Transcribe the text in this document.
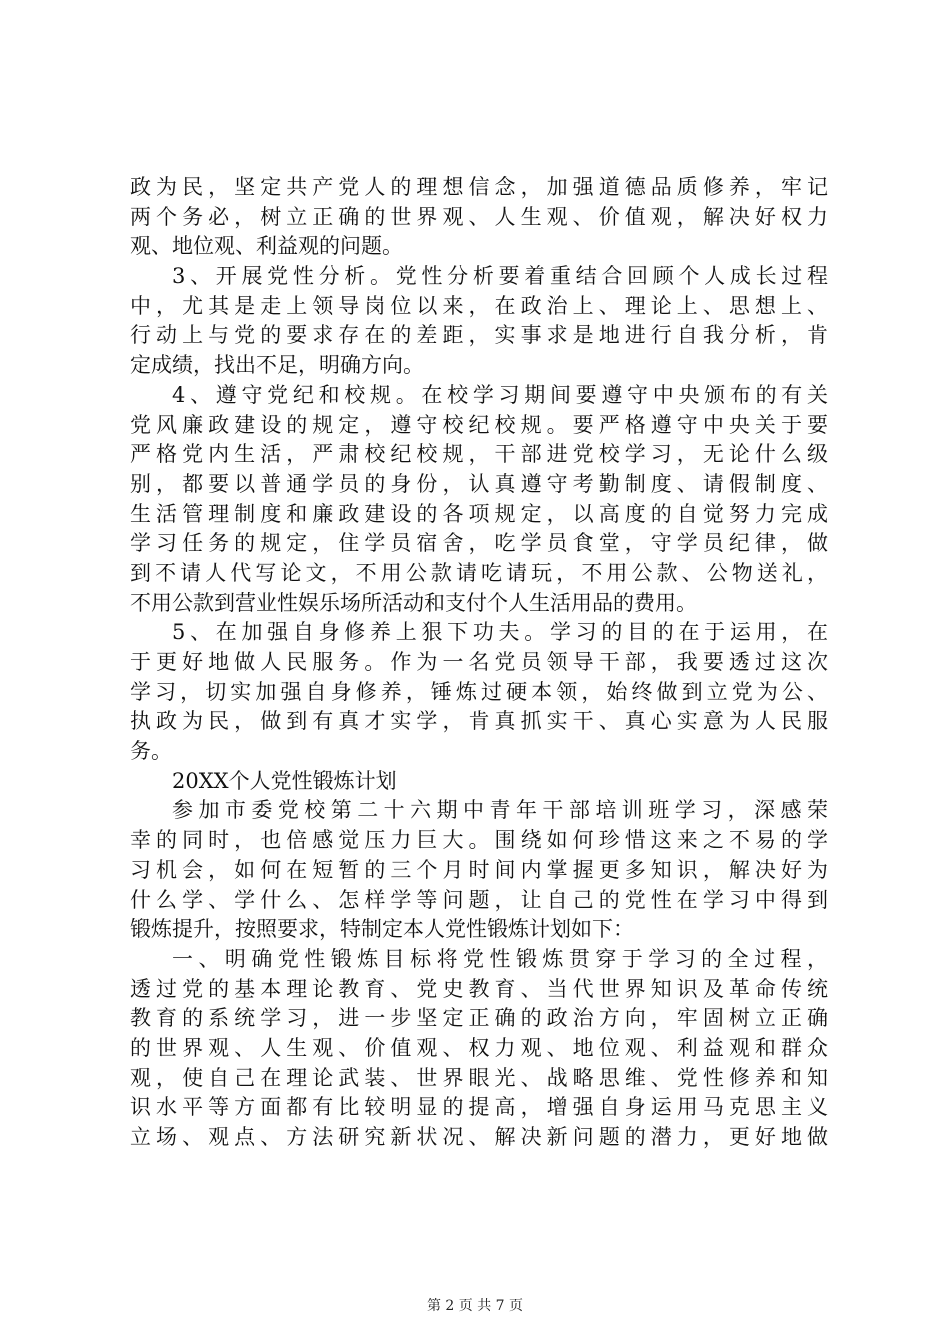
政为民，坚定共产党人的理想信念，加强道德品质修养，牢记
两个务必，树立正确的世界观、人生观、价值观，解决好权力
观、地位观、利益观的问题。
3、开展党性分析。党性分析要着重结合回顾个人成长过程
中，尤其是走上领导岗位以来，在政治上、理论上、思想上、
行动上与党的要求存在的差距，实事求是地进行自我分析，肯
定成绩，找出不足，明确方向。
4、遵守党纪和校规。在校学习期间要遵守中央颁布的有关
党风廉政建设的规定，遵守校纪校规。要严格遵守中央关于要
严格党内生活，严肃校纪校规，干部进党校学习，无论什么级
别，都要以普通学员的身份，认真遵守考勤制度、请假制度、
生活管理制度和廉政建设的各项规定，以高度的自觉努力完成
学习任务的规定，住学员宿舍，吃学员食堂，守学员纪律，做
到不请人代写论文，不用公款请吃请玩，不用公款、公物送礼，
不用公款到营业性娱乐场所活动和支付个人生活用品的费用。
5、在加强自身修养上狠下功夫。学习的目的在于运用，在
于更好地做人民服务。作为一名党员领导干部，我要透过这次
学习，切实加强自身修养，锤炼过硬本领，始终做到立党为公、
执政为民，做到有真才实学，肯真抓实干、真心实意为人民服
务。
20XX个人党性锻炼计划
参加市委党校第二十六期中青年干部培训班学习，深感荣
幸的同时，也倍感觉压力巨大。围绕如何珍惜这来之不易的学
习机会，如何在短暂的三个月时间内掌握更多知识，解决好为
什么学、学什么、怎样学等问题，让自己的党性在学习中得到
锻炼提升，按照要求，特制定本人党性锻炼计划如下：
一、明确党性锻炼目标将党性锻炼贯穿于学习的全过程，
透过党的基本理论教育、党史教育、当代世界知识及革命传统
教育的系统学习，进一步坚定正确的政治方向，牢固树立正确
的世界观、人生观、价值观、权力观、地位观、利益观和群众
观，使自己在理论武装、世界眼光、战略思维、党性修养和知
识水平等方面都有比较明显的提高，增强自身运用马克思主义
立场、观点、方法研究新状况、解决新问题的潜力，更好地做
第 2 页 共 7 页
